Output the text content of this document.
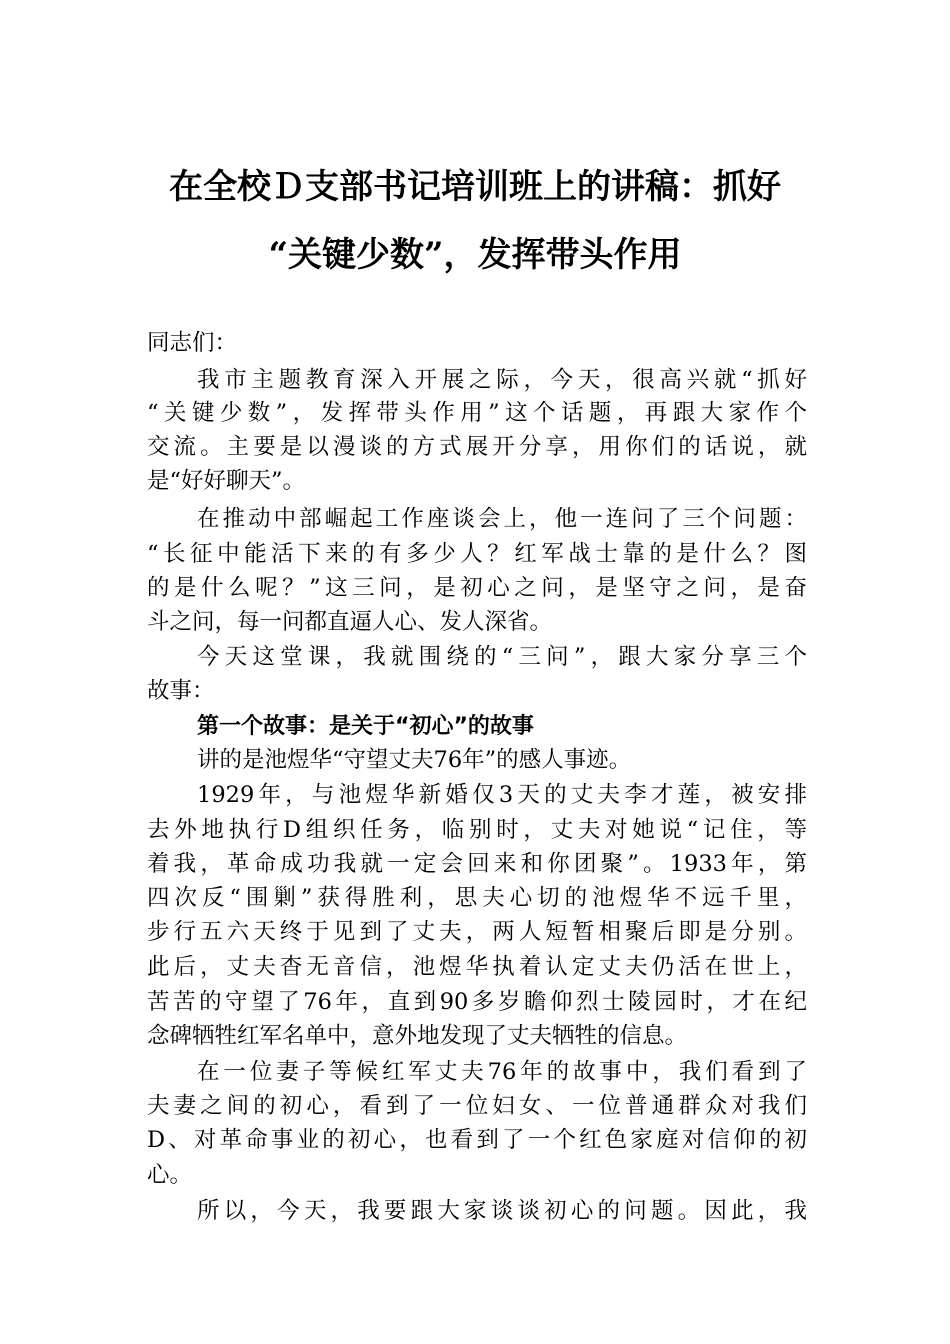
在全校Ｄ支部书记培训班上的讲稿：抓好
“关键少数”，发挥带头作用
同志们：
我市主题教育深入开展之际，今天，很高兴就“抓好
“关键少数”，发挥带头作用”这个话题，再跟大家作个
交流。主要是以漫谈的方式展开分享，用你们的话说，就
是“好好聊天”。
在推动中部崛起工作座谈会上，他一连问了三个问题：
“长征中能活下来的有多少人？红军战士靠的是什么？图
的是什么呢？”这三问，是初心之问，是坚守之问，是奋
斗之问，每一问都直逼人心、发人深省。
今天这堂课，我就围绕的“三问”，跟大家分享三个
故事：
第一个故事：是关于“初心”的故事
讲的是池煜华“守望丈夫76年”的感人事迹。
1929年，与池煜华新婚仅3天的丈夫李才莲，被安排
去外地执行D组织任务，临别时，丈夫对她说“记住，等
着我，革命成功我就一定会回来和你团聚”。1933年，第
四次反“围剿”获得胜利，思夫心切的池煜华不远千里，
步行五六天终于见到了丈夫，两人短暂相聚后即是分别。
此后，丈夫杳无音信，池煜华执着认定丈夫仍活在世上，
苦苦的守望了76年，直到90多岁瞻仰烈士陵园时，才在纪
念碑牺牲红军名单中，意外地发现了丈夫牺牲的信息。
在一位妻子等候红军丈夫76年的故事中，我们看到了
夫妻之间的初心，看到了一位妇女、一位普通群众对我们
D、对革命事业的初心，也看到了一个红色家庭对信仰的初
心。
所以，今天，我要跟大家谈谈初心的问题。因此，我
